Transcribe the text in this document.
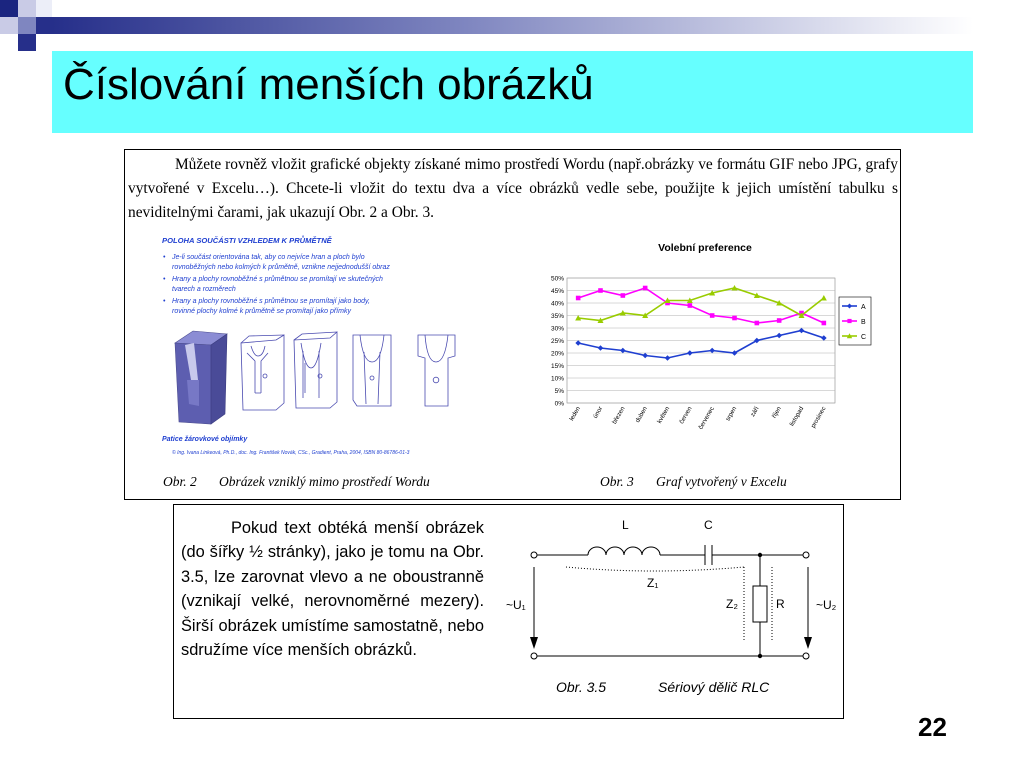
Číslování menších obrázků

Můžete rovněž vložit grafické objekty získané mimo prostředí Wordu (např.obrázky ve formátu GIF nebo JPG, grafy vytvořené v Excelu…). Chcete-li vložit do textu dva a více obrázků vedle sebe, použijte k jejich umístění tabulku s neviditelnými čarami, jak ukazují Obr. 2 a Obr. 3.

POLOHA SOUČÁSTI VZHLEDEM K PRŮMĚTNĚ
• Je-li součást orientována tak, aby co nejvíce hran a ploch bylo
rovnoběžných nebo kolmých k průmětně, vznikne nejjednodušší obraz
• Hrany a plochy rovnoběžné s průmětnou se promítají ve skutečných
tvarech a rozměrech
• Hrany a plochy rovnoběžné s průmětnou se promítají jako body,
rovinné plochy kolmé k průmětně se promítají jako přímky
Patice žárovkové objímky
© Ing. Ivana Linkeová, Ph.D., doc. Ing. František Novák, CSc., Gradient, Praha, 2004, ISBN 80-86786-01-3
Obr. 2 Obrázek vzniklý mimo prostředí Wordu
Volební preference
0%
5%
10%
15%
20%
25%
30%
35%
40%
45%
50%
leden únor březen duben květen červen červenec srpen září říjen listopad prosinec
A
B
C
Obr. 3 Graf vytvořený v Excelu

Pokud text obtéká menší obrázek (do šířky ½ stránky), jako je tomu na Obr. 3.5, lze zarovnat vlevo a ne oboustranně (vznikají velké, nerovnoměrné mezery). Širší obrázek umístíme samostatně, nebo sdružíme více menších obrázků.

L	C
Z₁
Z₂	R
~U₁	~U₂
Obr. 3.5	Sériový dělič RLC
22
